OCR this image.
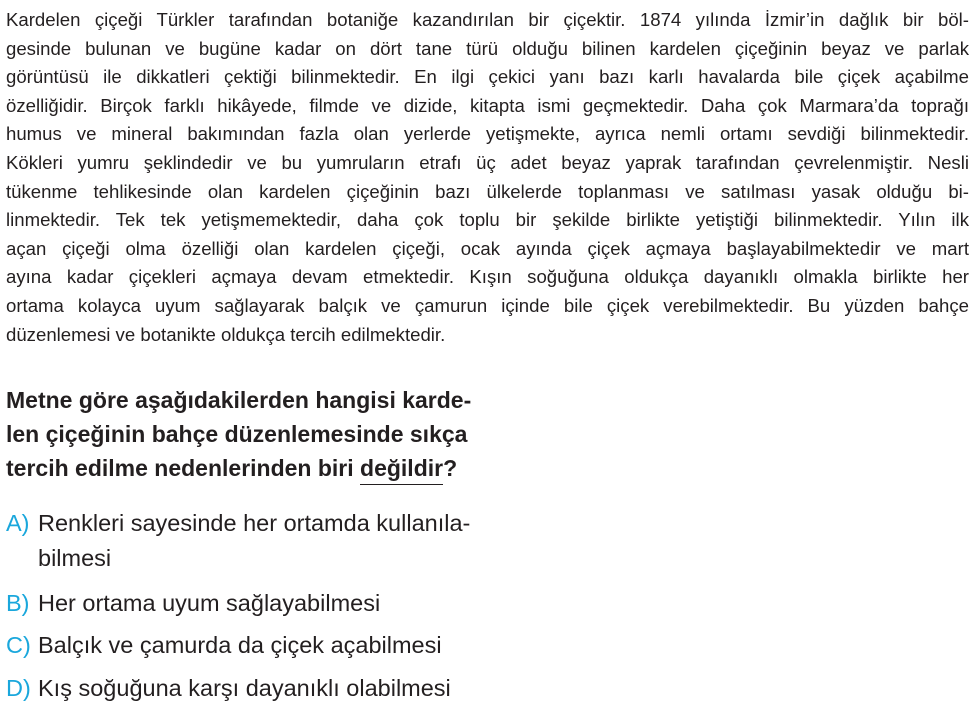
Kardelen çiçeği Türkler tarafından botaniğe kazandırılan bir çiçektir. 1874 yılında İzmir’in dağlık bir böl-
gesinde bulunan ve bugüne kadar on dört tane türü olduğu bilinen kardelen çiçeğinin beyaz ve parlak
görüntüsü ile dikkatleri çektiği bilinmektedir. En ilgi çekici yanı bazı karlı havalarda bile çiçek açabilme
özelliğidir. Birçok farklı hikâyede, filmde ve dizide, kitapta ismi geçmektedir. Daha çok Marmara’da toprağı
humus ve mineral bakımından fazla olan yerlerde yetişmekte, ayrıca nemli ortamı sevdiği bilinmektedir.
Kökleri yumru şeklindedir ve bu yumruların etrafı üç adet beyaz yaprak tarafından çevrelenmiştir. Nesli
tükenme tehlikesinde olan kardelen çiçeğinin bazı ülkelerde toplanması ve satılması yasak olduğu bi-
linmektedir. Tek tek yetişmemektedir, daha çok toplu bir şekilde birlikte yetiştiği bilinmektedir. Yılın ilk
açan çiçeği olma özelliği olan kardelen çiçeği, ocak ayında çiçek açmaya başlayabilmektedir ve mart
ayına kadar çiçekleri açmaya devam etmektedir. Kışın soğuğuna oldukça dayanıklı olmakla birlikte her
ortama kolayca uyum sağlayarak balçık ve çamurun içinde bile çiçek verebilmektedir. Bu yüzden bahçe
düzenlemesi ve botanikte oldukça tercih edilmektedir.
Metne göre aşağıdakilerden hangisi karde-
len çiçeğinin bahçe düzenlemesinde sıkça
tercih edilme nedenlerinden biri değildir?
A) Renkleri sayesinde her ortamda kullanıla-
bilmesi
B) Her ortama uyum sağlayabilmesi
C) Balçık ve çamurda da çiçek açabilmesi
D) Kış soğuğuna karşı dayanıklı olabilmesi
